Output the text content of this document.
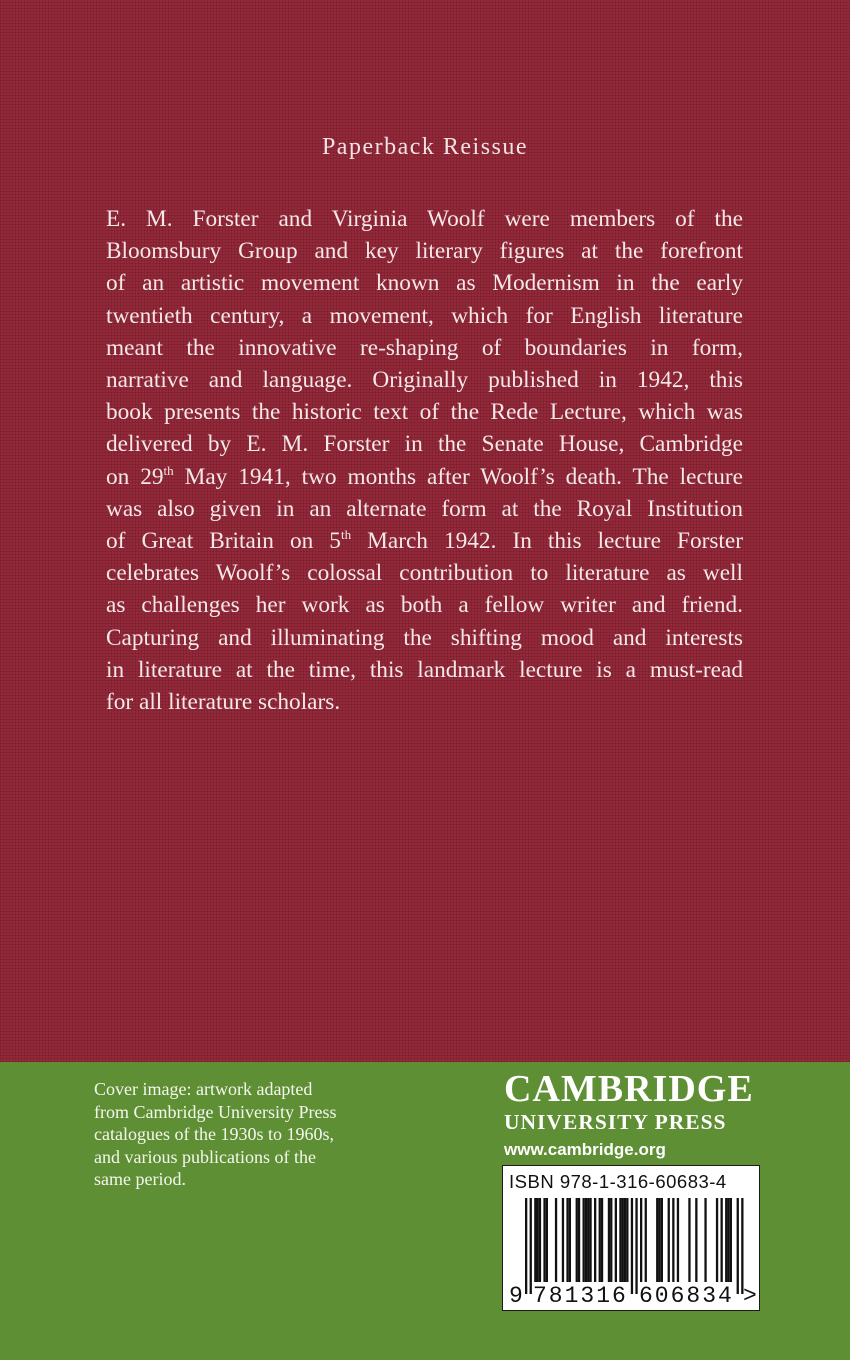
Paperback Reissue
E. M. Forster and Virginia Woolf were members of the
Bloomsbury Group and key literary figures at the forefront
of an artistic movement known as Modernism in the early
twentieth century, a movement, which for English literature
meant the innovative re-shaping of boundaries in form,
narrative and language. Originally published in 1942, this
book presents the historic text of the Rede Lecture, which was
delivered by E. M. Forster in the Senate House, Cambridge
on 29th May 1941, two months after Woolf’s death. The lecture
was also given in an alternate form at the Royal Institution
of Great Britain on 5th March 1942. In this lecture Forster
celebrates Woolf’s colossal contribution to literature as well
as challenges her work as both a fellow writer and friend.
Capturing and illuminating the shifting mood and interests
in literature at the time, this landmark lecture is a must-read
for all literature scholars.
Cover image: artwork adapted
from Cambridge University Press
catalogues of the 1930s to 1960s,
and various publications of the
same period.
CAMBRIDGE
UNIVERSITY PRESS
www.cambridge.org
ISBN 978-1-316-60683-4
9 781316 606834 >
